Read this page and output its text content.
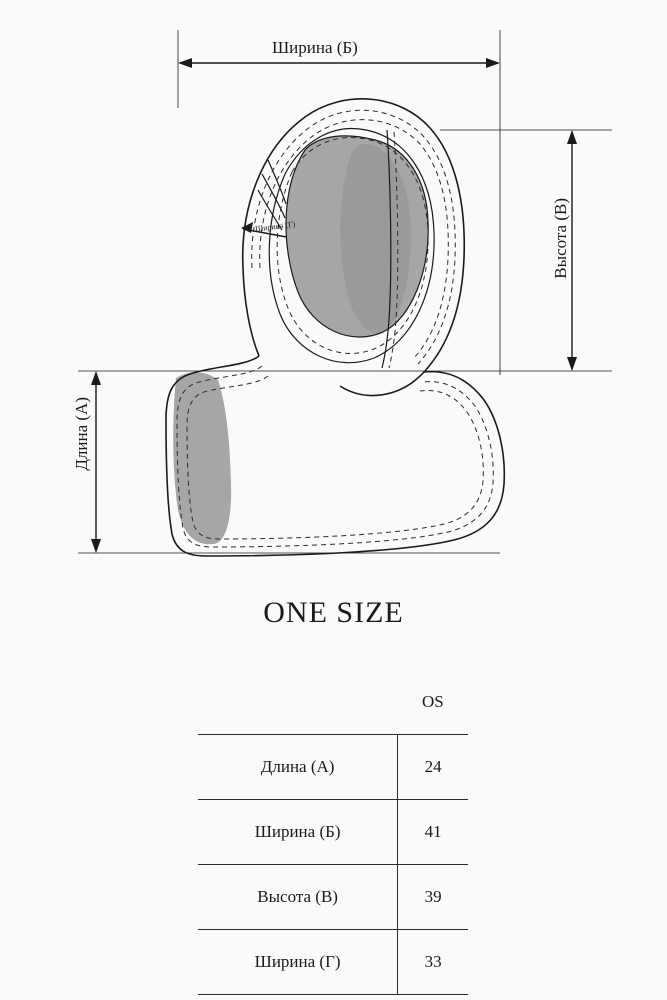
Ширина (Б)
Высота (В)
Длина (А)
Ширина (Г)
ONE SIZE
	OS
Длина (А)	24
Ширина (Б)	41
Высота (В)	39
Ширина (Г)	33
